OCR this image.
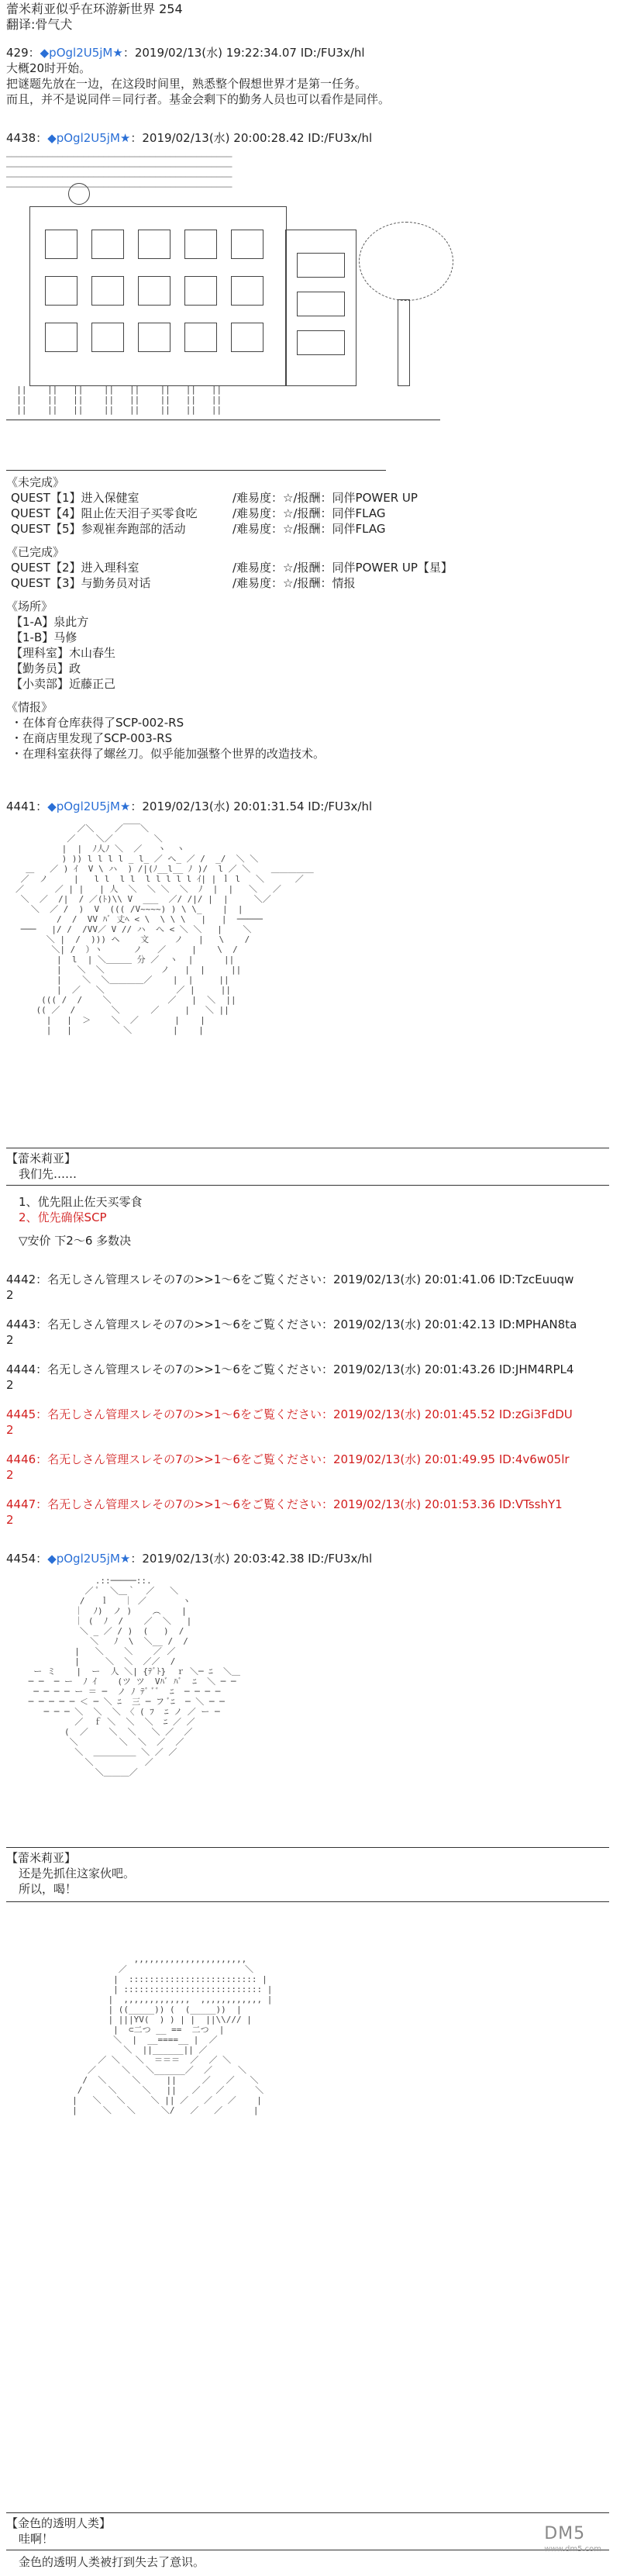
蕾米莉亚似乎在环游新世界 254
翻译:骨气犬
429：◆pOgl2U5jM★：2019/02/13(水) 19:22:34.07 ID:/FU3x/hl
大概20时开始。
把谜题先放在一边，在这段时间里，熟悉整个假想世界才是第一任务。
而且，并不是说同伴＝同行者。基金会剩下的勤务人员也可以看作是同伴。
4438：◆pOgl2U5jM★：2019/02/13(水) 20:00:28.42 ID:/FU3x/hl
────────────────────────────────────────────
────────────────────────────────────────────
────────────────────────────────────────────
────────────────────────────────────────────
||    ||   ||    ||   ||    ||   ||   ||
||    ||   ||    ||   ||    ||   ||   ||
||    ||   ||    ||   ||    ||   ||   ||
《未完成》
QUEST【1】进入保健室	/难易度：☆/报酬：同伴POWER UP
QUEST【4】阻止佐天泪子买零食吃	/难易度：☆/报酬：同伴FLAG
QUEST【5】参观崔奔跑部的活动	/难易度：☆/报酬：同伴FLAG
《已完成》
QUEST【2】进入理科室	/难易度：☆/报酬：同伴POWER UP【星】
QUEST【3】与勤务员对话	/难易度：☆/报酬：情报
《场所》
【1-A】泉此方
【1-B】马修
【理科室】木山春生
【勤务员】政
【小卖部】近藤正己
《情报》
・在体育仓库获得了SCP-002-RS
・在商店里发现了SCP-003-RS
・在理科室获得了螺丝刀。似乎能加强整个世界的改造技术。
4441：◆pOgl2U5jM★：2019/02/13(水) 20:01:31.54 ID:/FU3x/hl
／＼    ／￣￣＼
／    ＼／        ＼
|  |  ﾉ人ﾉ ＼  ／   ヽ  ヽ
) )) l l l l _ l_ ／ へ_ ／ /  _/  ＼ ＼
＿   ／ ) ｲ  V \ ハ  ) /|(ﾉ__l__ ﾉ )/  l ／ ＼    ＿＿＿＿＿
／  ノ     |   l l  l l  l l l l l ｲ| | ｌ l   ＼      ／
／      ／ | |   | 人  ＼  ＼ ＼  ＼  ﾉ  |  |   ＼   ／
＼  ／  /|  / ／(ﾄ)\\ V  ___  ／/ /|/ |  |     ＼／
＼  ／ /  )  V  ((( /V~~~~) ) \ \_    |  |
/  /  VV ﾊﾞ 丈ﾍ < \  \ \ \   |   |  ─────
───   |/ /  /VV／ V // ハ  へ < ＼ ＼   |    ＼
＼ |  /  ))) ヘ    文     ノ   |   \    /
＼| /  ）ヽ      ノ   ／     |    \  /
|  l  | ＼＿＿＿ 分 ／  ヽ  |      ||
|   ＼  ＼           ノ   |  |     ||
|    ＼  ＼＿＿＿＿／    |  |     ||
|  ／   ＼              ／ |     ||
((( /  /    ＼           ／   |  ＼  ||
(( ／  /       ＼      ／     |   ＼ ||
|   |  ＞    ＼  ／       |    |
|   |          ＼        |    |
【蕾米莉亚】
我们先……
1、优先阻止佐天买零食
2、优先确保SCP
▽安价 下2～6 多数决
4442：名无しさん管理スレその7の>>1～6をご覧ください：2019/02/13(水) 20:01:41.06 ID:TzcEuuqw
2
4443：名无しさん管理スレその7の>>1～6をご覧ください：2019/02/13(水) 20:01:42.13 ID:MPHAN8ta
2
4444：名无しさん管理スレその7の>>1～6をご覧ください：2019/02/13(水) 20:01:43.26 ID:JHM4RPL4
2
4445：名无しさん管理スレその7の>>1～6をご覧ください：2019/02/13(水) 20:01:45.52 ID:zGi3FdDU
2
4446：名无しさん管理スレその7の>>1～6をご覧ください：2019/02/13(水) 20:01:49.95 ID:4v6w05lr
2
4447：名无しさん管理スレその7の>>1～6をご覧ください：2019/02/13(水) 20:01:53.36 ID:VTsshY1
2
4454：◆pOgl2U5jM★：2019/02/13(水) 20:03:42.38 ID:/FU3x/hl
.::─────::.
／ ﾟ  ＼＿｀  ／   ＼
/   ｌ   ｜ ／       ヽ
｜  ﾉ)  ノ )    ︵    |
｜ (  ﾉ  /    ／  ＼   |
＼ _ ／ / )  (   )  /
＼   ﾉ  \  ＼__ /  /
|   ＼    ＼    ／ ／
|     ＼  ＼  ／／  /
ー ミ    |  ー  人 ＼| {ﾃﾞﾄ}  ｒ ＼─ ﾆ  ＼＿
─ ─  ─ ー  ﾉ ｲ    (ツ ツ  Vﾊﾞ ﾊﾞ  ﾆ  ＼ ─ ─
─ ─ ─ ─ ー ＝ ─  ノ ﾉ ﾃﾞ ﾞﾞ  ﾆ  ─ ─ ─ ─
─ ─ ─ ─ ─ ＜ ─ ＼ ﾆ  三 ─ フ ﾞﾆ  ─ ＼ ─ ─
─ ─ ─ ＼  ＼  ＼ 〈 ( ﾌ  ﾆ ノ ／ ー ─
／  ｆ ＼  ＼  ＼  ﾆ ／ ／
(  ／    ＼  ＼   ＼ ／  ／
＼        ＼  ＼  ／  ／
＼  ＿＿＿＿＿ ＼ ／ ／
＼          ／
＼＿＿＿／
【蕾米莉亚】
还是先抓住这家伙吧。
所以，喝！
,,,,,,,,,,,,,,,,,,,,,,
／                       ＼
|  ::::::::::::::::::::::::: |
| ::::::::::::::::::::::::::: |
|  ,,,,,,,,,,,,,  ,,,,,,,,,,,, |
| ((_____)) (  (_____))  |
| |||YV(  ) ) | |  ||\\/// |
|  ⊂二つ __ ==  二つ  |
＼  |  __====__ |  ／
＼  ||______|| ／
／ ＼   ＼  ＝＝＝  ／  ／ ＼
／     ＼   ＼______／  ／     ＼
/  ＼     ＼     ||     ／   ／   ＼
/     ＼     ＼   ||   ／   ／      ＼
|   ＼   ＼     ＼ || ／   ／   ／    |
|     ＼   ＼     ＼/   ／   ／      |
【金色的透明人类】
哇啊！
金色的透明人类被打到失去了意识。
DM5
www.dm5.com
